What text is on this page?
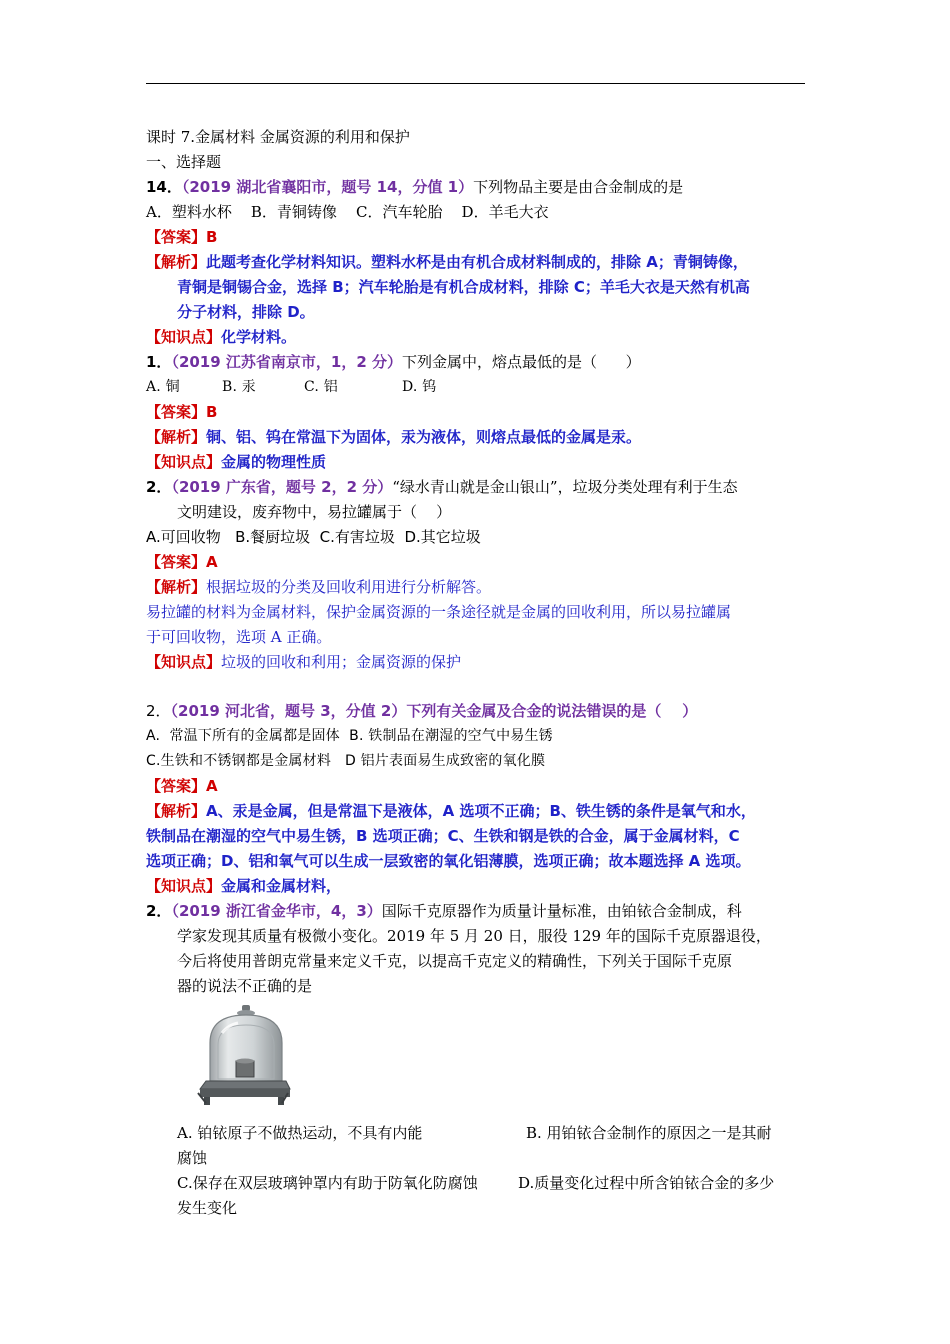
课时 7.金属材料 金属资源的利用和保护
一、选择题
14．（2019 湖北省襄阳市，题号 14，分值 1）下列物品主要是由合金制成的是
A．塑料水杯    B．青铜铸像    C．汽车轮胎    D．羊毛大衣
【答案】B
【解析】此题考查化学材料知识。塑料水杯是由有机合成材料制成的，排除 A；青铜铸像，
青铜是铜锡合金，选择 B；汽车轮胎是有机合成材料，排除 C；羊毛大衣是天然有机高
分子材料，排除 D。
【知识点】化学材料。
1．（2019 江苏省南京市，1，2 分）下列金属中，熔点最低的是（      ）
A. 铜	B. 汞	C. 铝	D. 钨
【答案】B
【解析】铜、铝、钨在常温下为固体，汞为液体，则熔点最低的金属是汞。
【知识点】金属的物理性质
2．（2019 广东省，题号 2，2 分）“绿水青山就是金山银山”，垃圾分类处理有利于生态
文明建设，废弃物中，易拉罐属于（    ）
A.可回收物   B.餐厨垃圾  C.有害垃圾  D.其它垃圾
【答案】A
【解析】根据垃圾的分类及回收利用进行分析解答。
易拉罐的材料为金属材料，保护金属资源的一条途径就是金属的回收利用，所以易拉罐属
于可回收物，选项 A 正确。
【知识点】垃圾的回收和利用；金属资源的保护
2．（2019 河北省，题号 3，分值 2）下列有关金属及合金的说法错误的是（    ）
A.  常温下所有的金属都是固体  B. 铁制品在潮湿的空气中易生锈
C.生铁和不锈钢都是金属材料   D 铝片表面易生成致密的氧化膜
【答案】A
【解析】A、汞是金属，但是常温下是液体，A 选项不正确；B、铁生锈的条件是氧气和水，
铁制品在潮湿的空气中易生锈，B 选项正确；C、生铁和钢是铁的合金，属于金属材料，C
选项正确；D、铝和氧气可以生成一层致密的氧化铝薄膜，选项正确；故本题选择 A 选项。
【知识点】金属和金属材料，
2．（2019 浙江省金华市，4，3）国际千克原器作为质量计量标准，由铂铱合金制成，科
学家发现其质量有极微小变化。2019 年 5 月 20 日，服役 129 年的国际千克原器退役，
今后将使用普朗克常量来定义千克，以提高千克定义的精确性，下列关于国际千克原
器的说法不正确的是
A. 铂铱原子不做热运动，不具有内能	B. 用铂铱合金制作的原因之一是其耐
腐蚀
C.保存在双层玻璃钟罩内有助于防氧化防腐蚀	D.质量变化过程中所含铂铱合金的多少
发生变化
